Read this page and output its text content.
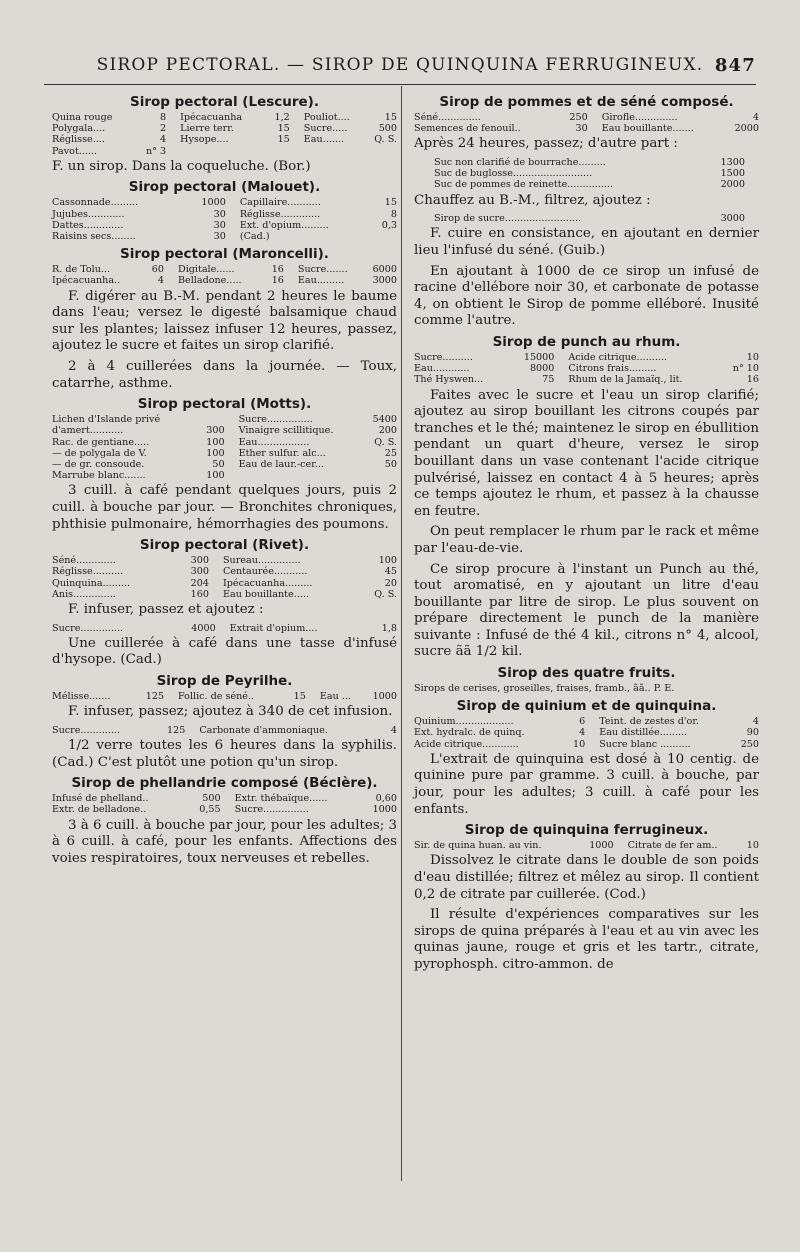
SIROP PECTORAL. — SIROP DE QUINQUINA FERRUGINEUX. 847
Sirop pectoral (Lescure).
Quina rouge	8	Ipécacuanha	1,2	Pouliot....	15
Polygala....	2	Lierre terr.	15	Sucre.....	500
Réglisse....	4	Hysope....	15	Eau.......	Q. S.
Pavot......	n° 3				

F. un sirop. Dans la coqueluche. (Bor.)

Sirop pectoral (Malouet).
Cassonnade.........	1000	Capillaire...........	15
Jujubes............	30	Réglisse.............	8
Dattes.............	30	Ext. d'opium.........	0,3
Raisins secs........	30	(Cad.)	
Sirop pectoral (Maroncelli).
R. de Tolu...	60	Digitale......	16	Sucre.......	6000
Ipécacuanha..	4	Belladone.....	16	Eau.........	3000

F. digérer au B.-M. pendant 2 heures le baume dans l'eau; versez le digesté balsamique chaud sur les plantes; laissez infuser 12 heures, passez, ajoutez le sucre et faites un sirop clarifié.

2 à 4 cuillerées dans la journée. — Toux, catarrhe, asthme.

Sirop pectoral (Motts).
Lichen d'Islande privé		Sucre...............	5400
d'amert...........	300	Vinaigre scillitique.	200
Rac. de gentiane.....	100	Eau.................	Q. S.
— de polygala de V.	100	Ether sulfur. alc...	25
— de gr. consoude.	50	Eau de laur.-cer...	50
Marrube blanc.......	100		

3 cuill. à café pendant quelques jours, puis 2 cuill. à bouche par jour. — Bronchites chroniques, phthisie pulmonaire, hémorrhagies des poumons.

Sirop pectoral (Rivet).
Séné.............	300	Sureau..............	100
Réglisse..........	300	Centaurée...........	45
Quinquina.........	204	Ipécacuanha.........	20
Anis..............	160	Eau bouillante.....	Q. S.

F. infuser, passez et ajoutez :

Sucre..............	4000	Extrait d'opium....	1,8

Une cuillerée à café dans une tasse d'infusé d'hysope. (Cad.)

Sirop de Peyrilhe.
Mélisse.......	125	Follic. de séné..	15	Eau ...	1000

F. infuser, passez; ajoutez à 340 de cet infusion.

Sucre.............	125	Carbonate d'ammoniaque.	4

1/2 verre toutes les 6 heures dans la syphilis. (Cad.) C'est plutôt une potion qu'un sirop.

Sirop de phellandrie composé (Béclère).
Infusé de phelland..	500	Extr. thébaïque......	0,60
Extr. de belladone..	0,55	Sucre...............	1000

3 à 6 cuill. à bouche par jour, pour les adultes; 3 à 6 cuill. à café, pour les enfants. Affections des voies respiratoires, toux nerveuses et rebelles.

Sirop de pommes et de séné composé.
Séné..............	250	Girofle..............	4
Semences de fenouil..	30	Eau bouillante.......	2000

Après 24 heures, passez; d'autre part :

Suc non clarifié de bourrache.........	1300
Suc de buglosse..........................	1500
Suc de pommes de reinette...............	2000

Chauffez au B.-M., filtrez, ajoutez :

Sirop de sucre.........................	3000

F. cuire en consistance, en ajoutant en dernier lieu l'infusé du séné. (Guib.)

En ajoutant à 1000 de ce sirop un infusé de racine d'ellébore noir 30, et carbonate de potasse 4, on obtient le Sirop de pomme elléboré. Inusité comme l'autre.

Sirop de punch au rhum.
Sucre..........	15000	Acide citrique..........	10
Eau............	8000	Citrons frais.........	n° 10
Thé Hyswen...	75	Rhum de la Jamaïq., lit.	16

Faites avec le sucre et l'eau un sirop clarifié; ajoutez au sirop bouillant les citrons coupés par tranches et le thé; maintenez le sirop en ébullition pendant un quart d'heure, versez le sirop bouillant dans un vase contenant l'acide citrique pulvérisé, laissez en contact 4 à 5 heures; après ce temps ajoutez le rhum, et passez à la chausse en feutre.

On peut remplacer le rhum par le rack et même par l'eau-de-vie.

Ce sirop procure à l'instant un Punch au thé, tout aromatisé, en y ajoutant un litre d'eau bouillante par litre de sirop. Le plus souvent on prépare directement le punch de la manière suivante : Infusé de thé 4 kil., citrons n° 4, alcool, sucre ãã 1/2 kil.

Sirop des quatre fruits.
Sirops de cerises, groseilles, fraises, framb., ãã.. P. E.
Sirop de quinium et de quinquina.
Quinium...................	6	Teint. de zestes d'or.	4
Ext. hydralc. de quinq.	4	Eau distillée.........	90
Acide citrique............	10	Sucre blanc ..........	250

L'extrait de quinquina est dosé à 10 centig. de quinine pure par gramme. 3 cuill. à bouche, par jour, pour les adultes; 3 cuill. à café pour les enfants.

Sirop de quinquina ferrugineux.
Sir. de quina huan. au vin.	1000	Citrate de fer am..	10

Dissolvez le citrate dans le double de son poids d'eau distillée; filtrez et mêlez au sirop. Il contient 0,2 de citrate par cuillerée. (Cod.)

Il résulte d'expériences comparatives sur les sirops de quina préparés à l'eau et au vin avec les quinas jaune, rouge et gris et les tartr., citrate, pyrophosph. citro-ammon. de
